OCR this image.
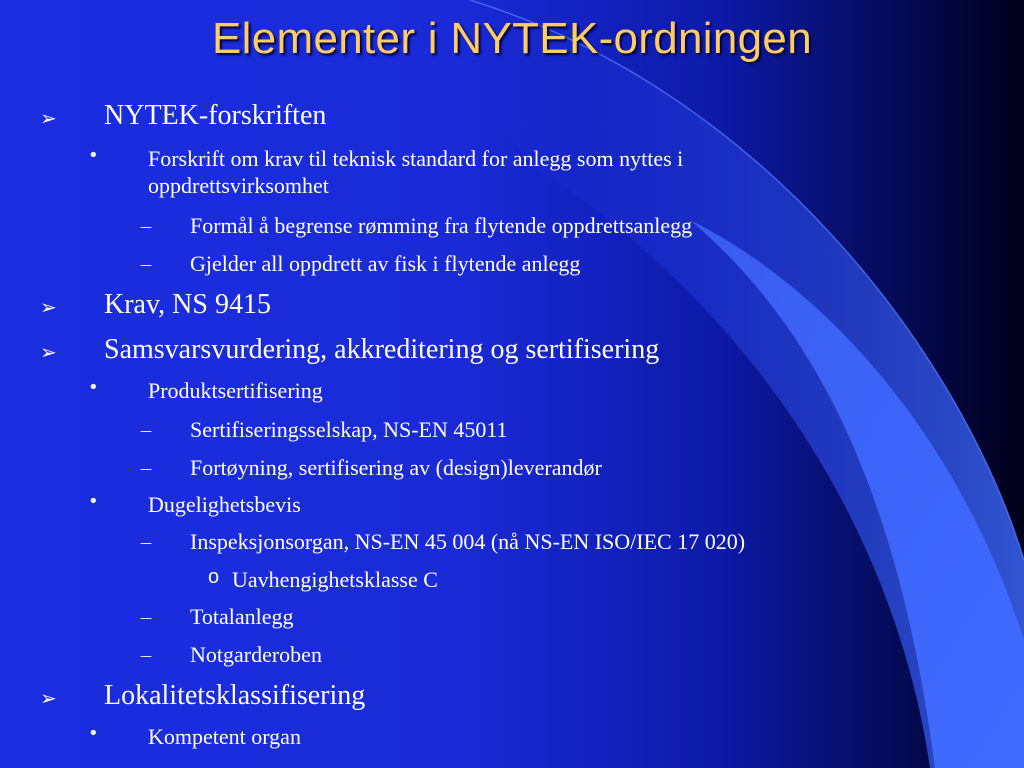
Elementer i NYTEK-ordningen
➢ NYTEK-forskriften
• Forskrift om krav til teknisk standard for anlegg som nyttes i oppdrettsvirksomhet
— Formål å begrense rømming fra flytende oppdrettsanlegg
— Gjelder all oppdrett av fisk i flytende anlegg
➢ Krav, NS 9415
➢ Samsvarsvurdering, akkreditering og sertifisering
• Produktsertifisering
— Sertifiseringsselskap, NS-EN 45011
— Fortøyning, sertifisering av (design)leverandør
• Dugelighetsbevis
— Inspeksjonsorgan, NS-EN 45 004 (nå NS-EN ISO/IEC 17 020)
o Uavhengighetsklasse C
— Totalanlegg
— Notgarderoben
➢ Lokalitetsklassifisering
• Kompetent organ
